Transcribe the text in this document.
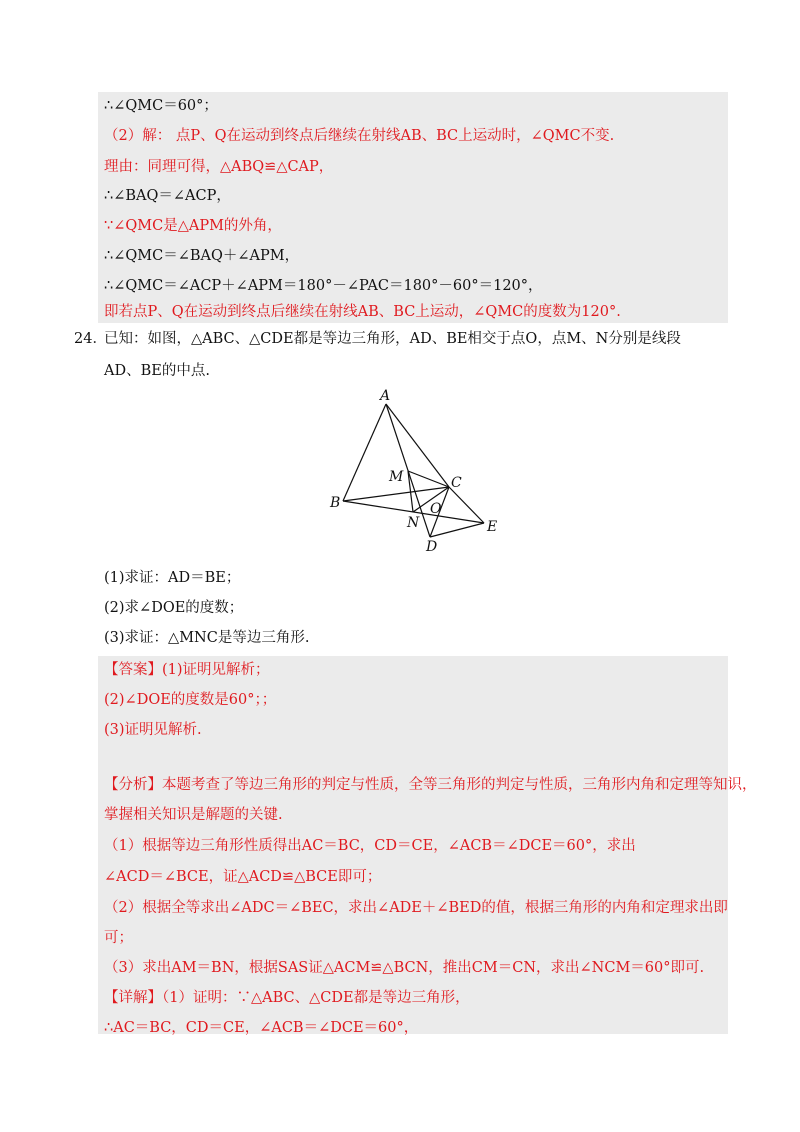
∴∠QMC＝60°；
（2）解： 点P、Q在运动到终点后继续在射线AB、BC上运动时，∠QMC不变.
理由：同理可得，△ABQ≌△CAP，
∴∠BAQ＝∠ACP，
∵∠QMC是△APM的外角，
∴∠QMC＝∠BAQ＋∠APM，
∴∠QMC＝∠ACP＋∠APM＝180°－∠PAC＝180°－60°＝120°，
即若点P、Q在运动到终点后继续在射线AB、BC上运动，∠QMC的度数为120°.
24．
已知：如图，△ABC、△CDE都是等边三角形，AD、BE相交于点O，点M、N分别是线段
AD、BE的中点.
A
B
C
D
E
M
N
O
(1)求证：AD＝BE；
(2)求∠DOE的度数；
(3)求证：△MNC是等边三角形.
【答案】(1)证明见解析；
(2)∠DOE的度数是60°；；
(3)证明见解析.
【分析】本题考查了等边三角形的判定与性质，全等三角形的判定与性质，三角形内角和定理等知识，
掌握相关知识是解题的关键.
（1）根据等边三角形性质得出AC＝BC，CD＝CE，∠ACB＝∠DCE＝60°，求出
∠ACD＝∠BCE，证△ACD≌△BCE即可；
（2）根据全等求出∠ADC＝∠BEC，求出∠ADE＋∠BED的值，根据三角形的内角和定理求出即
可；
（3）求出AM＝BN，根据SAS证△ACM≌△BCN，推出CM＝CN，求出∠NCM＝60°即可.
【详解】（1）证明：∵△ABC、△CDE都是等边三角形，
∴AC＝BC，CD＝CE，∠ACB＝∠DCE＝60°，
